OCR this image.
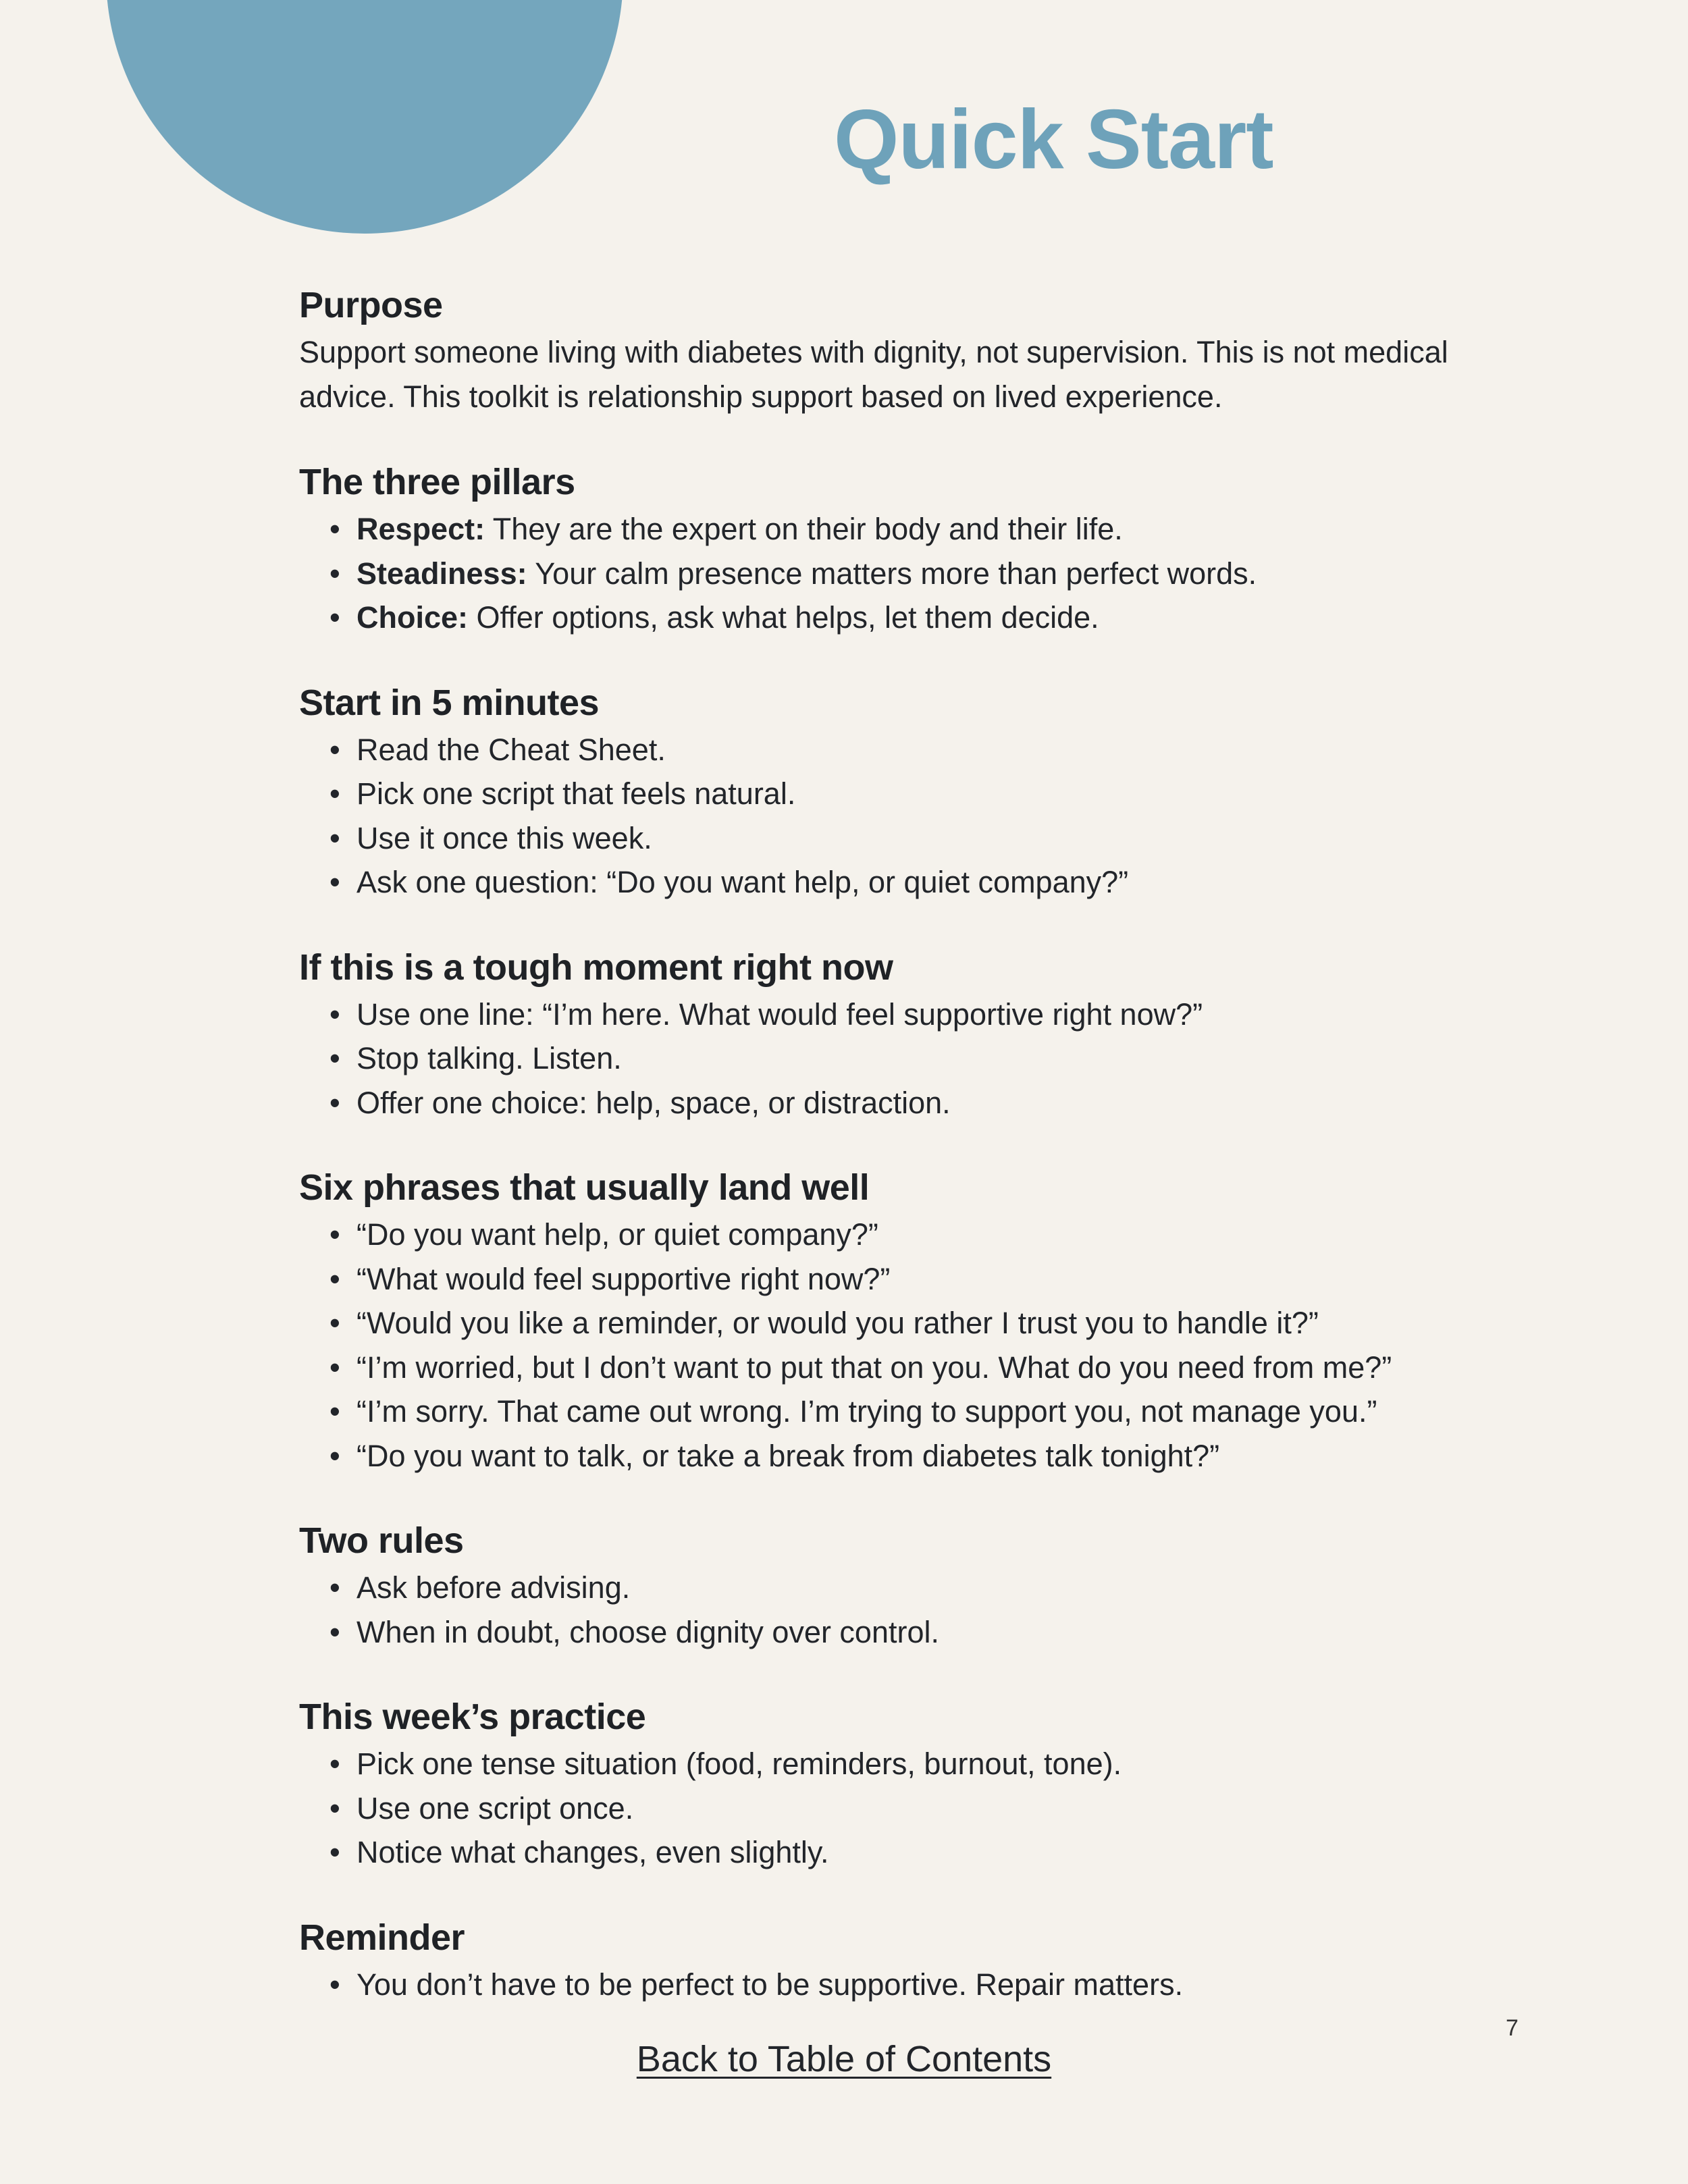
Quick Start
Purpose

Support someone living with diabetes with dignity, not supervision. This is not medical advice. This toolkit is relationship support based on lived experience.

The three pillars
• Respect: They are the expert on their body and their life.
• Steadiness: Your calm presence matters more than perfect words.
• Choice: Offer options, ask what helps, let them decide.
Start in 5 minutes
• Read the Cheat Sheet.
• Pick one script that feels natural.
• Use it once this week.
• Ask one question: “Do you want help, or quiet company?”
If this is a tough moment right now
• Use one line: “I’m here. What would feel supportive right now?”
• Stop talking. Listen.
• Offer one choice: help, space, or distraction.
Six phrases that usually land well
• “Do you want help, or quiet company?”
• “What would feel supportive right now?”
• “Would you like a reminder, or would you rather I trust you to handle it?”
• “I’m worried, but I don’t want to put that on you. What do you need from me?”
• “I’m sorry. That came out wrong. I’m trying to support you, not manage you.”
• “Do you want to talk, or take a break from diabetes talk tonight?”
Two rules
• Ask before advising.
• When in doubt, choose dignity over control.
This week’s practice
• Pick one tense situation (food, reminders, burnout, tone).
• Use one script once.
• Notice what changes, even slightly.
Reminder
• You don’t have to be perfect to be supportive. Repair matters.
7
Back to Table of Contents
